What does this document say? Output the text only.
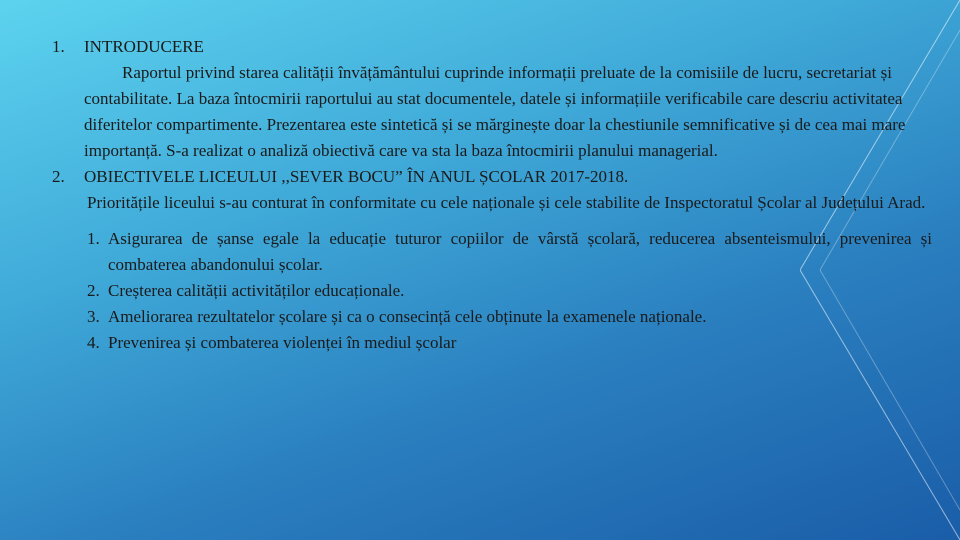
1.	INTRODUCERE
Raportul privind starea calității învățământului cuprinde informații preluate de la comisiile de lucru, secretariat și contabilitate. La baza întocmirii raportului au stat documentele, datele și informațiile verificabile care descriu activitatea diferitelor compartimente. Prezentarea este sintetică și se mărginește doar la chestiunile semnificative și de cea mai mare importanță. S-a realizat o analiză obiectivă care va sta la baza întocmirii planului managerial.
2.	OBIECTIVELE LICEULUI ,,SEVER BOCU” ÎN ANUL ȘCOLAR 2017-2018.
Prioritățile liceului s-au conturat în conformitate cu cele naționale și cele stabilite de Inspectoratul Școlar al Județului Arad.
1. Asigurarea de șanse egale la educație tuturor copiilor de vârstă școlară, reducerea absenteismului, prevenirea și combaterea abandonului școlar.
2. Creșterea calității activităților educaționale.
3. Ameliorarea rezultatelor școlare și ca o consecință cele obținute la examenele naționale.
4. Prevenirea și combaterea violenței în mediul școlar
